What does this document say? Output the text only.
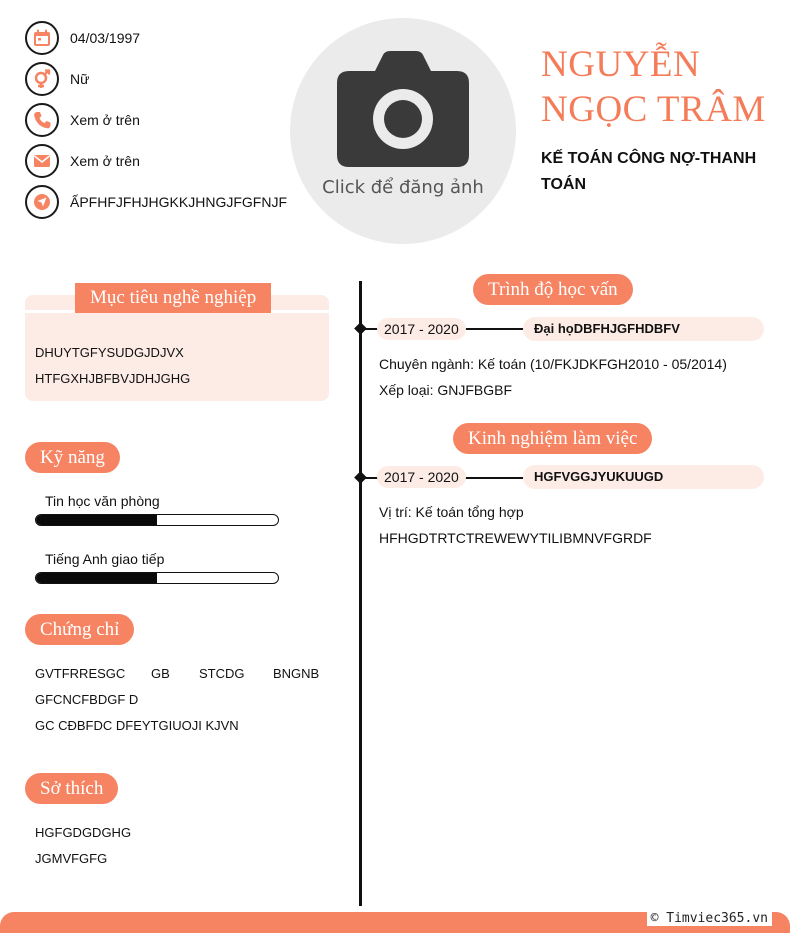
04/03/1997
Nữ
Xem ở trên
Xem ở trên
ẤPFHFJFHJHGKKJHNGJFGFNJF
Click để đăng ảnh
NGUYỄN
NGỌC TRÂM
KẾ TOÁN CÔNG NỢ-THANH TOÁN
Mục tiêu nghề nghiệp
DHUYTGFYSUDGJDJVX
HTFGXHJBFBVJDHJGHG
Kỹ năng
Tin học văn phòng
Tiếng Anh giao tiếp
Chứng chỉ
GVTFRRESGC GB STCDG BNGNB
GFCNCFBDGF D
GC CĐBFDC DFEYTGIUOJI KJVN
Sở thích
HGFGDGDGHG
JGMVFGFG
Trình độ học vấn
2017 - 2020	Đại họDBFHJGFHDBFV
Chuyên ngành: Kế toán (10/FKJDKFGH2010 - 05/2014)
Xếp loại: GNJFBGBF
Kinh nghiệm làm việc
2017 - 2020	HGFVGGJYUKUUGD
Vị trí: Kế toán tổng hợp
HFHGDTRTCTREWEWYTILIBMNVFGRDF
© Timviec365.vn
